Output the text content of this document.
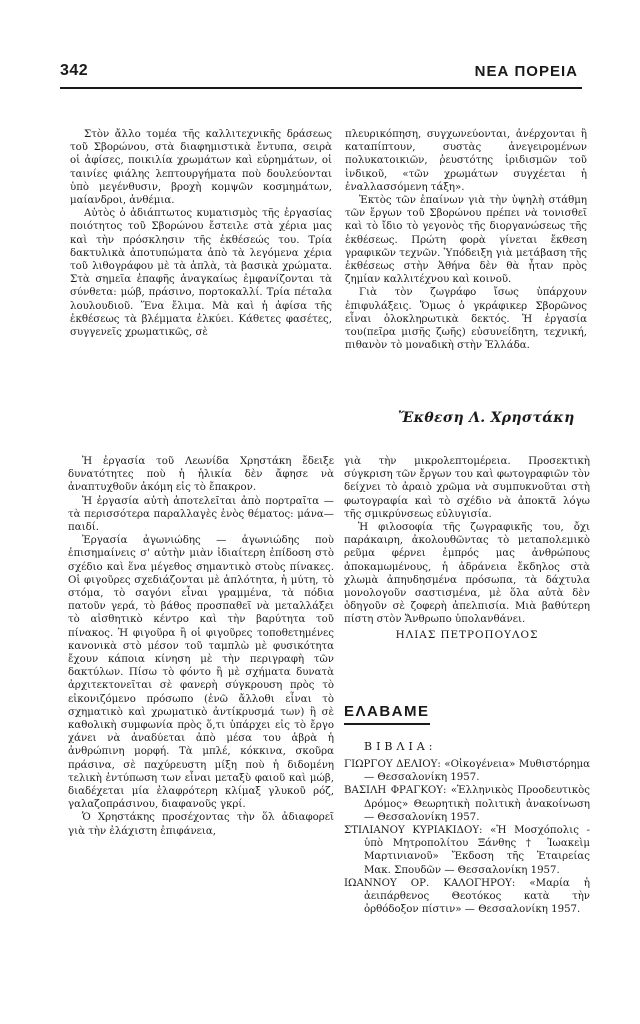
342	ΝΕΑ ΠΟΡΕΙΑ

Στὸν ἄλλο τομέα τῆς καλλιτεχνικῆς δράσεως τοῦ Σβορώνου, στὰ διαφημιστικὰ ἔντυπα, σειρὰ οἱ ἀφίσες, ποικιλία χρωμάτων καὶ εὑρημάτων, οἱ ταινίες φιάλης λεπτουργήματα ποὺ δουλεύονται ὑπὸ μεγένθυσιν, βροχὴ κομψῶν κοσμημάτων, μαίανδροι, ἀνθέμια.

Αὐτὸς ὁ ἀδιάπτωτος κυματισμὸς τῆς ἐργασίας ποιότητος τοῦ Σβορώνου ἔστειλε στὰ χέρια μας καὶ τὴν πρόσκλησιν τῆς ἐκθέσεώς του. Τρία δακτυλικὰ ἀποτυπώματα ἀπὸ τὰ λεγόμενα χέρια τοῦ λιθογράφου μὲ τὰ ἁπλὰ, τὰ βασικὰ χρώματα. Στὰ σημεῖα ἐπαφῆς ἀναγκαίως ἐμφανίζονται τὰ σύνθετα: μώβ, πράσινο, πορτοκαλλί. Τρία πέταλα λουλουδιοῦ. Ἕνα ἔλιμα. Μὰ καὶ ἡ ἀφίσα τῆς ἐκθέσεως τὰ βλέμματα ἑλκύει. Κάθετες φασέτες, συγγενεῖς χρωματικῶς, σὲ

πλευρικόπηση, συγχωνεύονται, ἀνέρχονται ἢ καταπίπτουν, συστὰς ἀνεγειρομένων πολυκατοικιῶν, ῥευστότης ἰριδισμῶν τοῦ ἰνδικοῦ, «τῶν χρωμάτων συγχέεται ἡ ἐναλλασσόμενη τάξη».

Ἐκτὸς τῶν ἐπαίνων γιὰ τὴν ὑψηλὴ στάθμη τῶν ἔργων τοῦ Σβορώνου πρέπει νὰ τονισθεῖ καὶ τὸ ἴδιο τὸ γεγονὸς τῆς διοργανώσεως τῆς ἐκθέσεως. Πρώτη φορὰ γίνεται ἔκθεση γραφικῶν τεχνῶν. Ὑπόδειξη γιὰ μετάβαση τῆς ἐκθέσεως στὴν Ἀθήνα δὲν θὰ ἦταν πρὸς ζημίαν καλλιτέχνου καὶ κοινοῦ.

Γιὰ τὸν ζωγράφο ἴσως ὑπάρχουν ἐπιφυλάξεις. Ὅμως ὁ γκράφικερ Σβορῶνος εἶναι ὁλοκληρωτικὰ δεκτός. Ἡ ἐργασία του(πεῖρα μισῆς ζωῆς) εὐσυνείδητη, τεχνική, πιθανὸν τὸ μοναδικὴ στὴν Ἑλλάδα.

Ἔκθεση Λ. Χρηστάκη

Ἡ ἐργασία τοῦ Λεωνίδα Χρηστάκη ἔδειξε δυνατότητες ποὺ ἡ ἡλικία δὲν ἄφησε νὰ ἀναπτυχθοῦν ἀκόμη εἰς τὸ ἔπακρον.

Ἡ ἐργασία αὐτὴ ἀποτελεῖται ἀπὸ πορτραῖτα — τὰ περισσότερα παραλλαγὲς ἑνὸς θέματος: μάνα—παιδί.

Ἐργασία ἀγωνιώδης — ἀγωνιώδης ποὺ ἐπισημαίνεις σ' αὐτὴν μιὰν ἰδιαίτερη ἐπίδοση στὸ σχέδιο καὶ ἕνα μέγεθος σημαντικὸ στοὺς πίνακες. Οἱ φιγοῦρες σχεδιάζονται μὲ ἁπλότητα, ἡ μύτη, τὸ στόμα, τὸ σαγόνι εἶναι γραμμένα, τὰ πόδια πατοῦν γερά, τὸ βάθος προσπαθεῖ νὰ μεταλλάξει τὸ αἰσθητικὸ κέντρο καὶ τὴν βαρύτητα τοῦ πίνακος. Ἡ φιγοῦρα ἢ οἱ φιγοῦρες τοποθετημένες κανονικὰ στὸ μέσον τοῦ ταμπλὼ μὲ φυσικότητα ἔχουν κάποια κίνηση μὲ τὴν περιγραφὴ τῶν δακτύλων. Πίσω τὸ φόντο ἢ μὲ σχήματα δυνατὰ ἀρχιτεκτονεῖται σὲ φανερὴ σύγκρουση πρὸς τὸ εἰκονιζόμενο πρόσωπο (ἐνῶ ἄλλοθι εἶναι τὸ σχηματικὸ καὶ χρωματικὸ ἀντίκρυσμά των) ἢ σὲ καθολικὴ συμφωνία πρὸς ὅ,τι ὑπάρχει εἰς τὸ ἔργο χάνει νὰ ἀναδύεται ἀπὸ μέσα του ἁβρὰ ἡ ἀνθρώπινη μορφή. Τὰ μπλέ, κόκκινα, σκοῦρα πράσινα, σὲ παχύρευστη μίξη ποὺ ἡ διδομένη τελικὴ ἐντύπωση των εἶναι μεταξὺ φαιοῦ καὶ μώβ, διαδέχεται μία ἐλαφρότερη κλίμαξ γλυκοῦ ρόζ, γαλαζοπράσινου, διαφανοῦς γκρί.

Ὁ Χρηστάκης προσέχοντας τὴν ὅλ ἀδιαφορεῖ γιὰ τὴν ἐλάχιστη ἐπιφάνεια,

γιὰ τὴν μικρολεπτομέρεια. Προσεκτικὴ σύγκριση τῶν ἔργων του καὶ φωτογραφιῶν τὸν δείχνει τὸ ἀραιὸ χρῶμα νὰ συμπυκνοῦται στὴ φωτογραφία καὶ τὸ σχέδιο νὰ ἀποκτᾶ λόγω τῆς σμικρύνσεως εὐλυγισία.

Ἡ φιλοσοφία τῆς ζωγραφικῆς του, ὄχι παράκαιρη, ἀκολουθῶντας τὸ μεταπολεμικὸ ρεῦμα φέρνει ἐμπρός μας ἀνθρώπους ἀποκαμωμένους, ἡ ἀδράνεια ἔκδηλος στὰ χλωμὰ ἀπηυδησμένα πρόσωπα, τὰ δάχτυλα μονολογοῦν σαστισμένα, μὲ ὅλα αὐτὰ δὲν ὁδηγοῦν σὲ ζοφερὴ ἀπελπισία. Μιὰ βαθύτερη πίστη στὸν Ἄνθρωπο ὑπολανθάνει.

ΗΛΙΑΣ ΠΕΤΡΟΠΟΥΛΟΣ
ΕΛΑΒΑΜΕ
ΒΙΒΛΙΑ:

ΓΙΩΡΓΟΥ ΔΕΛΙΟΥ: «Οἰκογένεια» Μυθιστόρημα — Θεσσαλονίκη 1957.

ΒΑΣΙΛΗ ΦΡΑΓΚΟΥ: «Ἑλληνικὸς Προοδευτικὸς Δρόμος» Θεωρητικὴ πολιτικὴ ἀνακοίνωση — Θεσσαλονίκη 1957.

ΣΤΙΛΙΑΝΟΥ ΚΥΡΙΑΚΙΔΟΥ: «Ἡ Μοσχόπολις - ὑπὸ Μητροπολίτου Ξάνθης † Ἰωακεὶμ Μαρτινιανοῦ» Ἔκδοση τῆς Ἑταιρείας Μακ. Σπουδῶν — Θεσσαλονίκη 1957.

ΙΩΑΝΝΟΥ ΟΡ. ΚΑΛΟΓΗΡΟΥ: «Μαρία ἡ ἀειπάρθενος Θεοτόκος κατὰ τὴν ὀρθόδοξον πίστιν» — Θεσσαλονίκη 1957.
